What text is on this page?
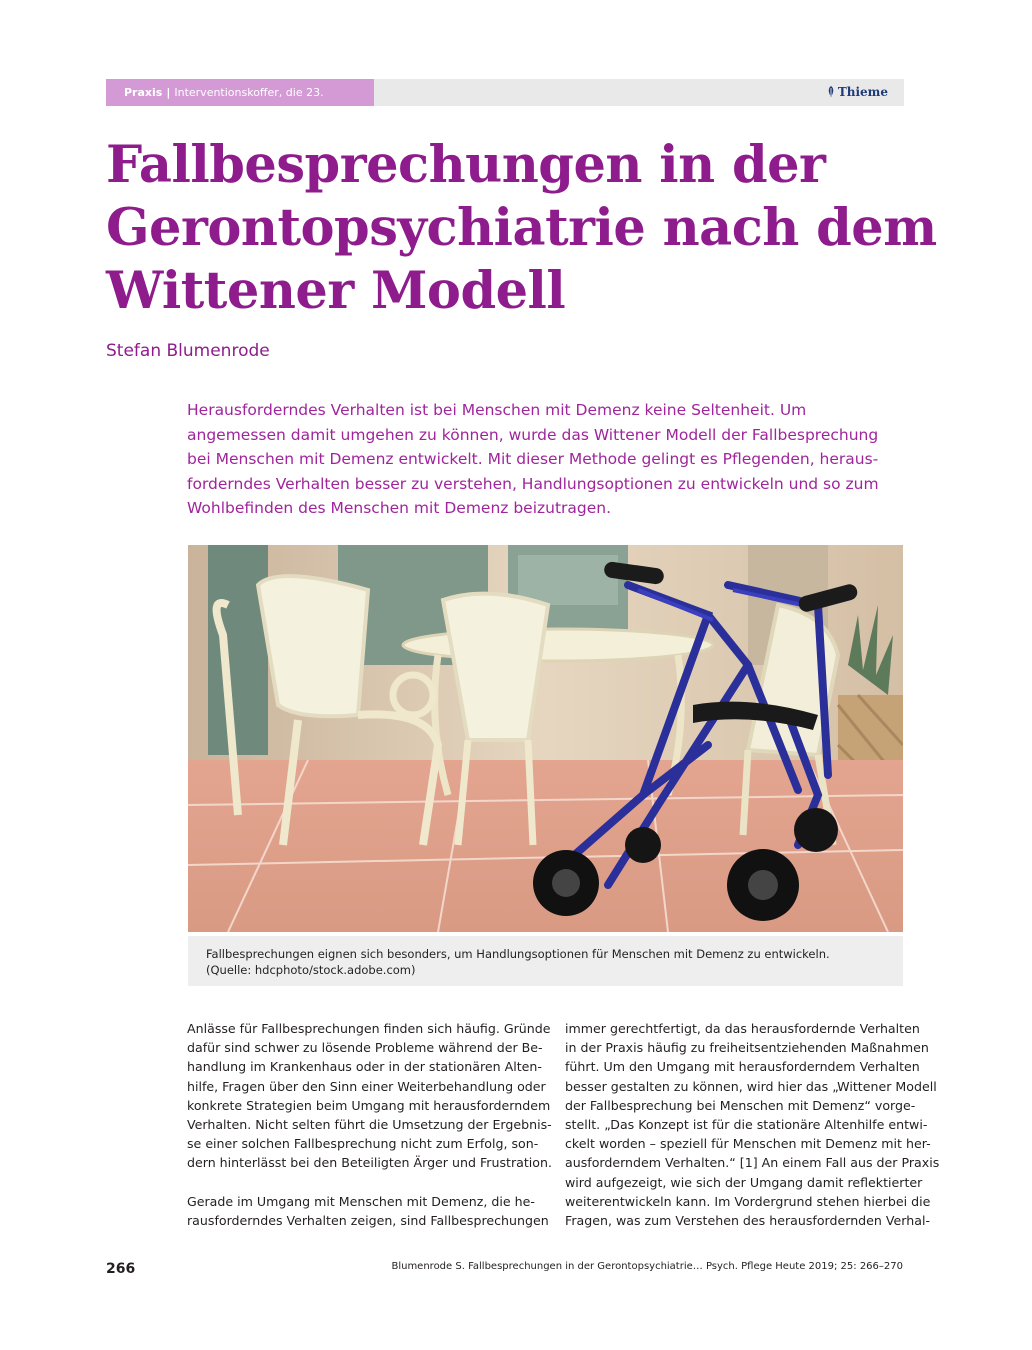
Praxis | Interventionskoffer, die 23.	Thieme
Fallbesprechungen in der
Gerontopsychiatrie nach dem
Wittener Modell
Stefan Blumenrode

Herausforderndes Verhalten ist bei Menschen mit Demenz keine Seltenheit. Um
angemessen damit umgehen zu können, wurde das Wittener Modell der Fallbesprechung
bei Menschen mit Demenz entwickelt. Mit dieser Methode gelingt es Pflegenden, heraus-
forderndes Verhalten besser zu verstehen, Handlungsoptionen zu entwickeln und so zum
Wohlbefinden des Menschen mit Demenz beizutragen.

Fallbesprechungen eignen sich besonders, um Handlungsoptionen für Menschen mit Demenz zu entwickeln.
(Quelle: hdcphoto/stock.adobe.com)

Anlässe für Fallbesprechungen finden sich häufig. Gründe
dafür sind schwer zu lösende Probleme während der Be-
handlung im Krankenhaus oder in der stationären Alten-
hilfe, Fragen über den Sinn einer Weiterbehandlung oder
konkrete Strategien beim Umgang mit herausforderndem
Verhalten. Nicht selten führt die Umsetzung der Ergebnis-
se einer solchen Fallbesprechung nicht zum Erfolg, son-
dern hinterlässt bei den Beteiligten Ärger und Frustration.

Gerade im Umgang mit Menschen mit Demenz, die he-
rausforderndes Verhalten zeigen, sind Fallbesprechungen

immer gerechtfertigt, da das herausfordernde Verhalten
in der Praxis häufig zu freiheitsentziehenden Maßnahmen
führt. Um den Umgang mit herausforderndem Verhalten
besser gestalten zu können, wird hier das „Wittener Modell
der Fallbesprechung bei Menschen mit Demenz“ vorge-
stellt. „Das Konzept ist für die stationäre Altenhilfe entwi-
ckelt worden – speziell für Menschen mit Demenz mit her-
ausforderndem Verhalten.“ [1] An einem Fall aus der Praxis
wird aufgezeigt, wie sich der Umgang damit reflektierter
weiterentwickeln kann. Im Vordergrund stehen hierbei die
Fragen, was zum Verstehen des herausfordernden Verhal-

266	Blumenrode S. Fallbesprechungen in der Gerontopsychiatrie… Psych. Pflege Heute 2019; 25: 266–270
